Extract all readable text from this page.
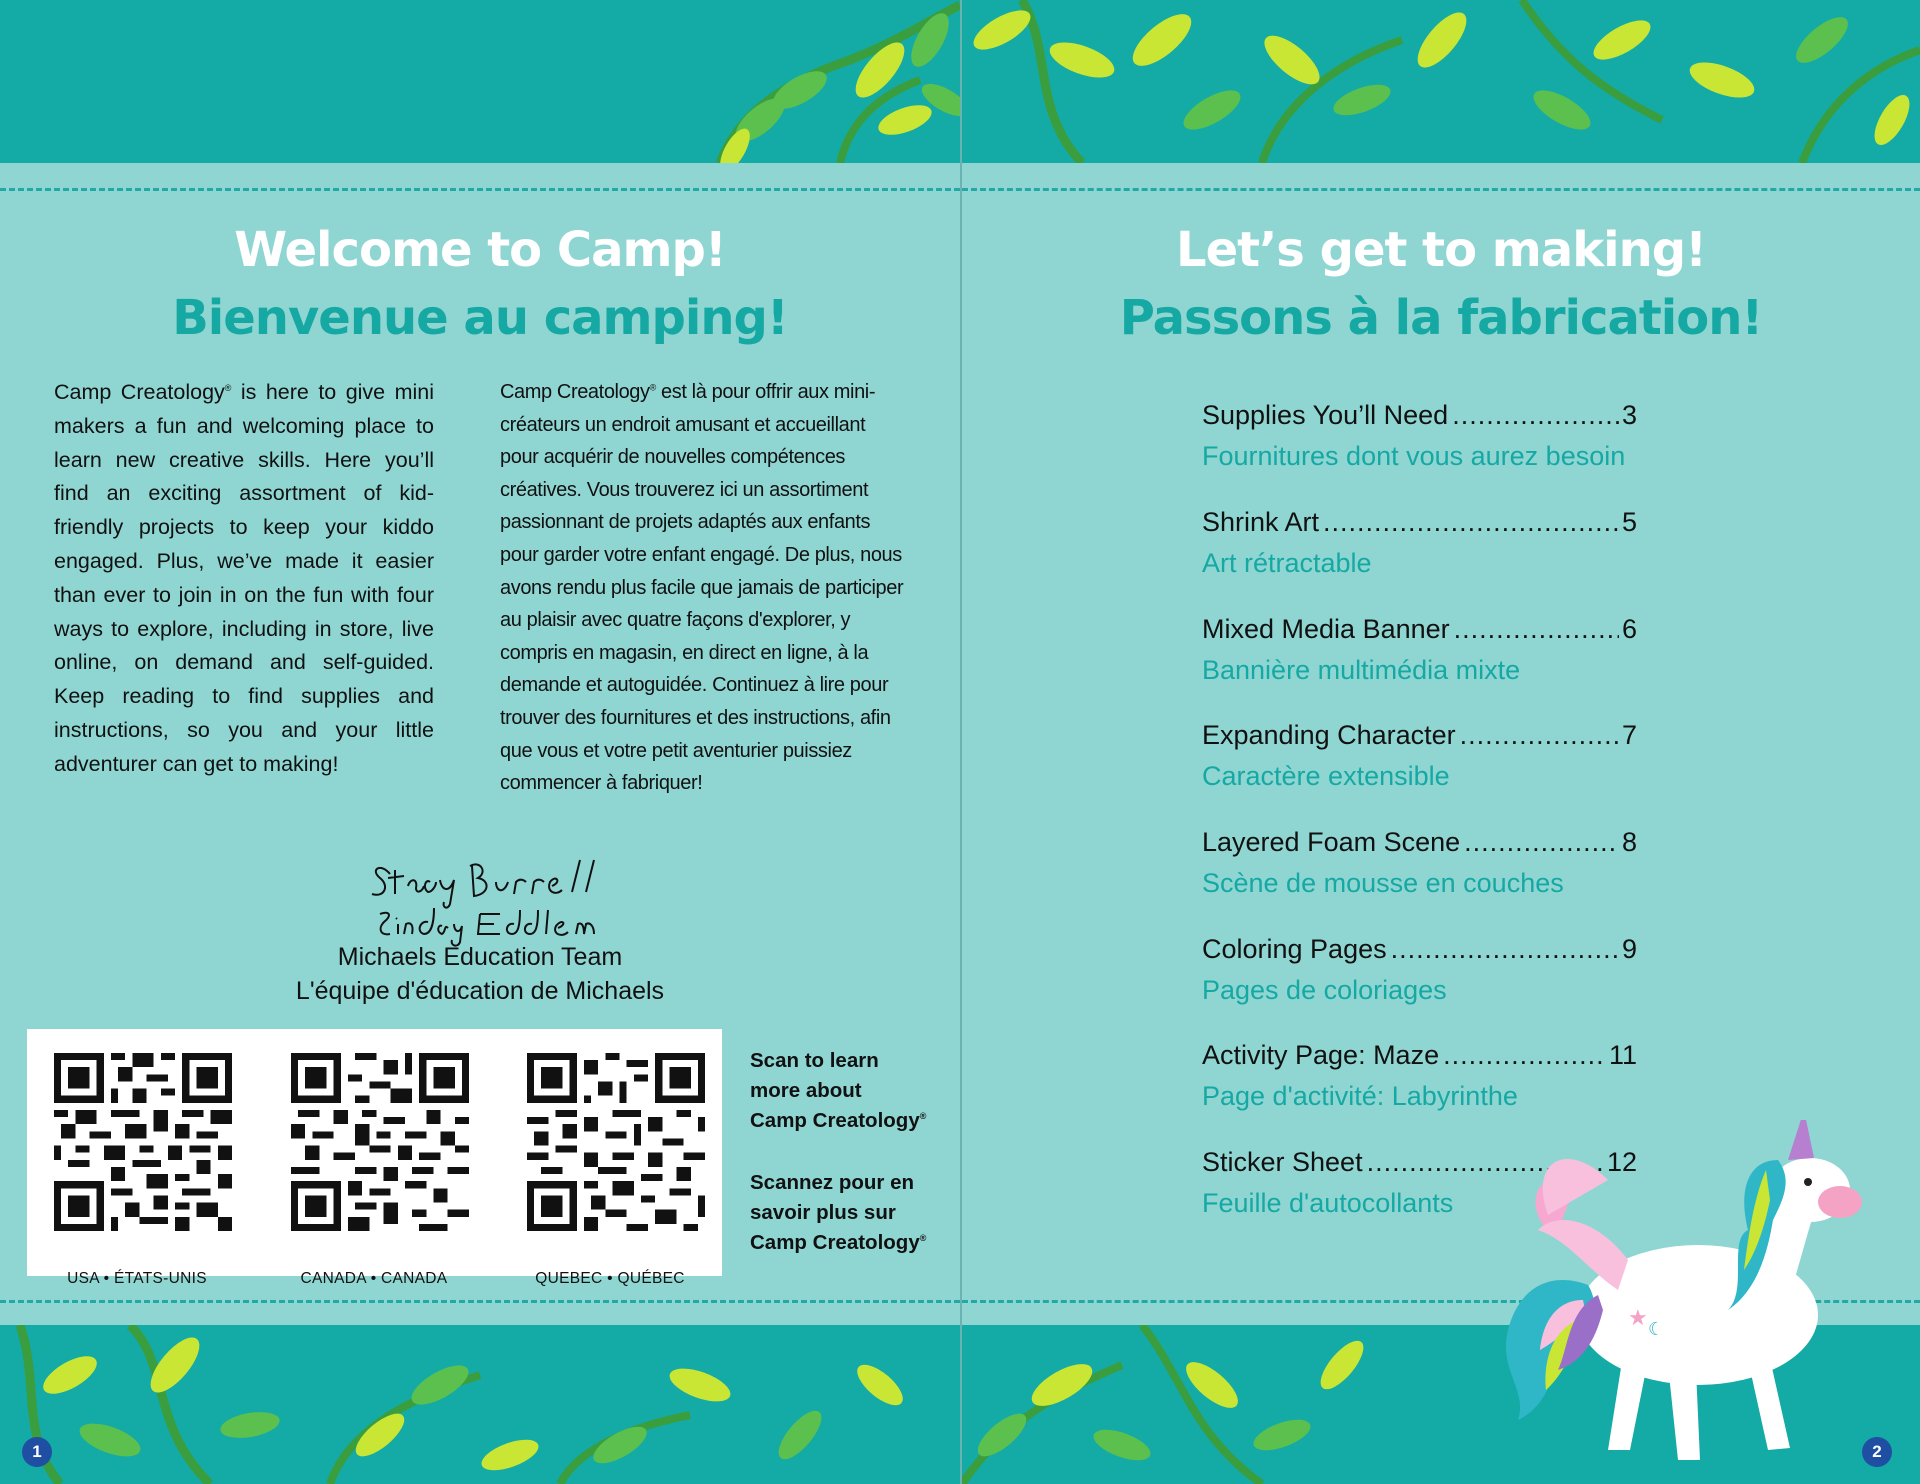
Welcome to Camp!
Bienvenue au camping!
Camp Creatology® is here to give mini makers a fun and welcoming place to learn new creative skills. Here you’ll find an exciting assortment of kid-friendly projects to keep your kiddo engaged. Plus, we’ve made it easier than ever to join in on the fun with four ways to explore, including in store, live online, on demand and self-guided. Keep reading to find supplies and instructions, so you and your little adventurer can get to making!
Camp Creatology® est là pour offrir aux mini-créateurs un endroit amusant et accueillant pour acquérir de nouvelles compétences créatives. Vous trouverez ici un assortiment passionnant de projets adaptés aux enfants pour garder votre enfant engagé. De plus, nous avons rendu plus facile que jamais de participer au plaisir avec quatre façons d'explorer, y compris en magasin, en direct en ligne, à la demande et autoguidée. Continuez à lire pour trouver des fournitures et des instructions, afin que vous et votre petit aventurier puissiez commencer à fabriquer!
Michaels Education Team
L'équipe d'éducation de Michaels
USA • ÉTATS-UNIS	CANADA • CANADA	QUEBEC • QUÉBEC
Scan to learn
more about
Camp Creatology®
Scannez pour en
savoir plus sur
Camp Creatology®
1
Let’s get to making!
Passons à la fabrication!
Supplies You’ll Need .....	3
Fournitures dont vous aurez besoin
Shrink Art .....	5
Art rétractable
Mixed Media Banner .....	6
Bannière multimédia mixte
Expanding Character .....	7
Caractère extensible
Layered Foam Scene .....	8
Scène de mousse en couches
Coloring Pages .....	9
Pages de coloriages
Activity Page: Maze .....	11
Page d'activité: Labyrinthe
Sticker Sheet .....	12
Feuille d'autocollants
★ ☾
2
